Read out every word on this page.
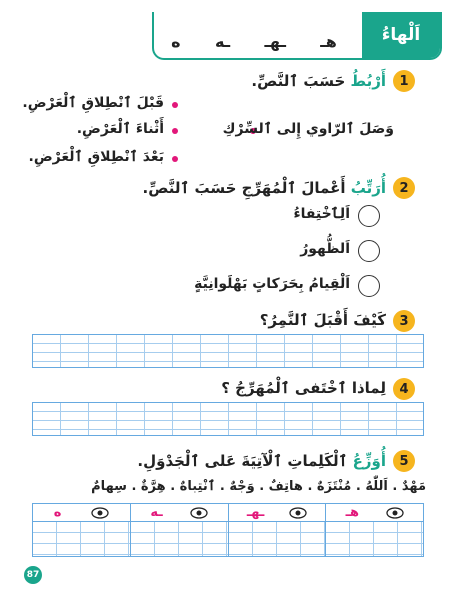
اَلْهاءُ
هـ
ـهـ
ـه
ه
1
أَرْبُطُ حَسَبَ ٱلنَّصِّ.
قَبْلَ ٱنْطِلاقِ ٱلْعَرْضِ.
أَثْناءَ ٱلْعَرْضِ.
بَعْدَ ٱنْطِلاقِ ٱلْعَرْضِ.
وَصَلَ ٱلرّاوي إِلى ٱلسِّرْكِ
2
أُرَتِّبُ أَعْمالَ ٱلْمُهَرِّجِ حَسَبَ ٱلنَّصِّ.
اَلِٱخْتِفاءُ
اَلظُّهورُ
اَلْقِيامُ بِحَرَكاتٍ بَهْلَوانِيَّةٍ
3
كَيْفَ أَقْبَلَ ٱلنَّمِرُ؟
4
لِماذا ٱخْتَفى ٱلْمُهَرِّجُ ؟
5
أُوَزِّعُ ٱلْكَلِماتِ ٱلْآتِيَةَ عَلى ٱلْجَدْوَلِ.
مَهْدٌ . اَللّٰهُ . مُنْتَزَهٌ . هاتِفٌ . وَجْهٌ . ٱنْتِباهٌ . هِرَّةٌ . سِهامٌ
هـ
ـهـ
ـه
ه
87
